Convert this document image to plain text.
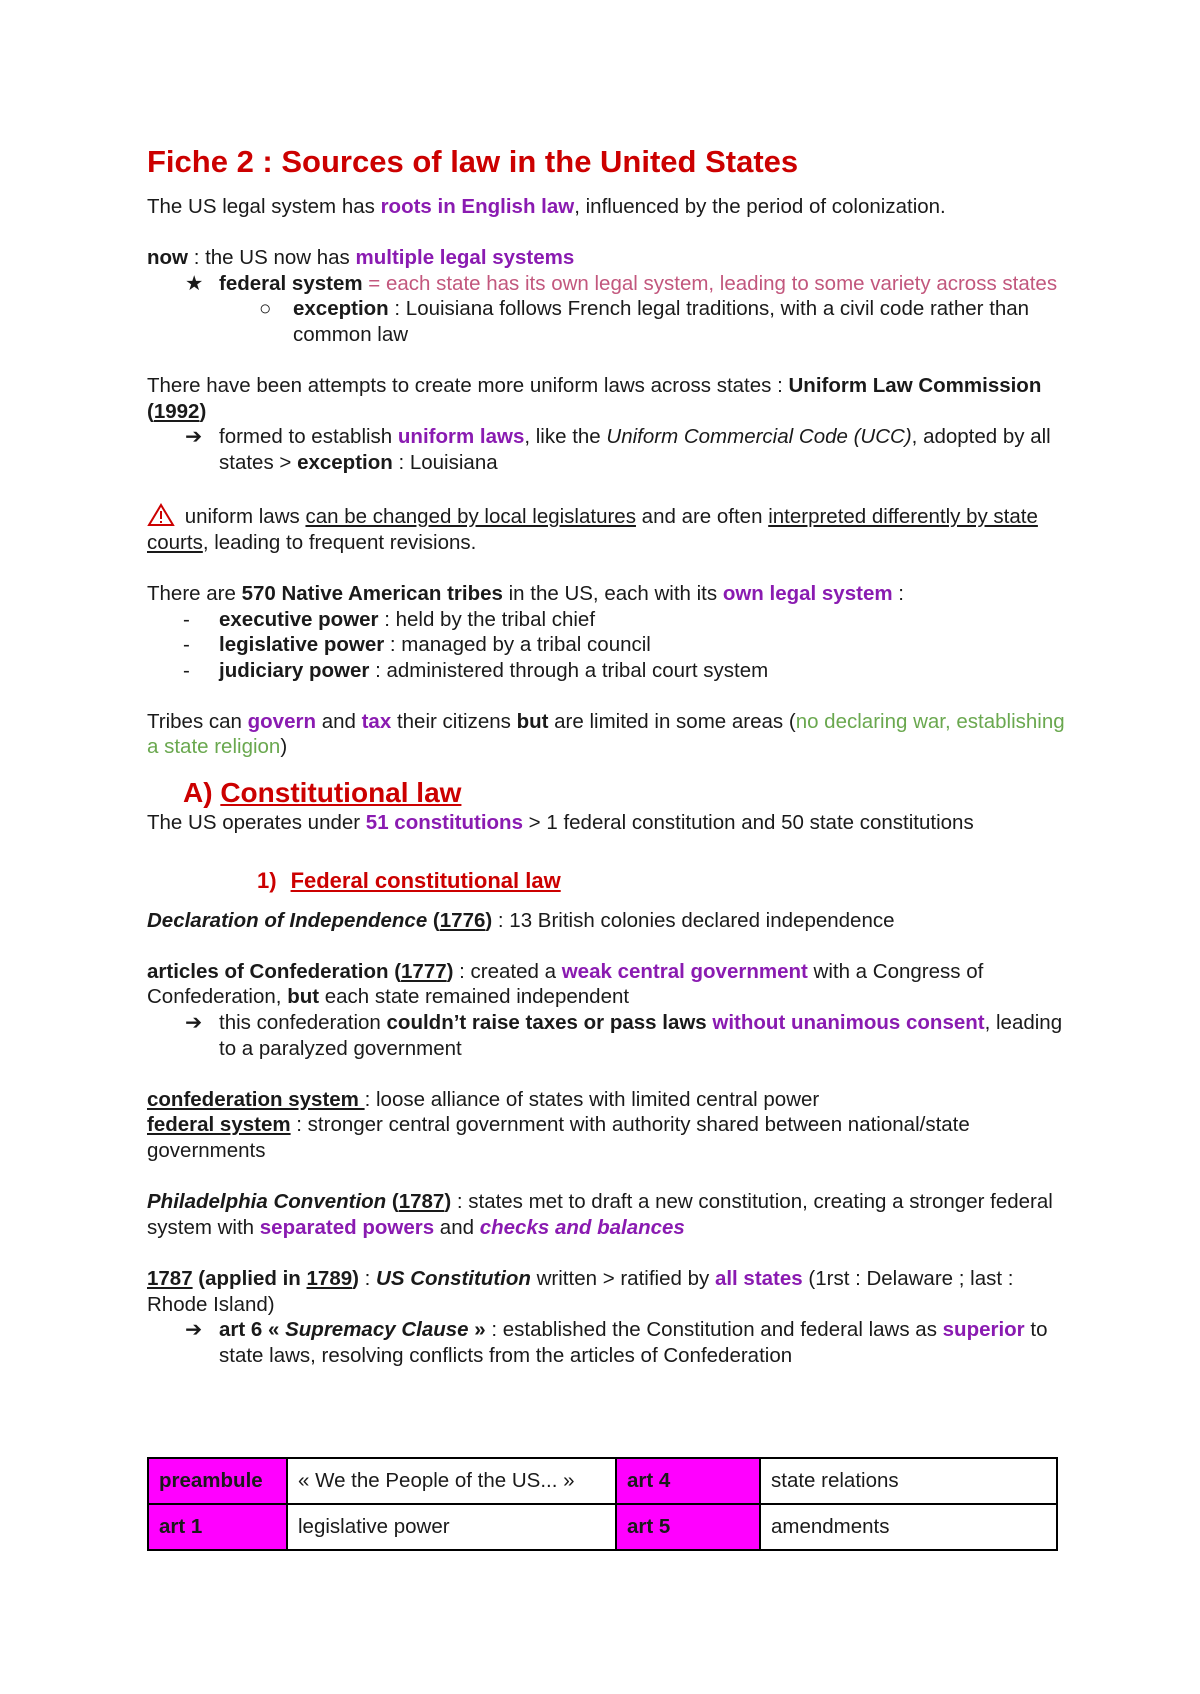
Fiche 2 : Sources of law in the United States

The US legal system has roots in English law, influenced by the period of colonization.

now : the US now has multiple legal systems

★ federal system = each state has its own legal system, leading to some variety across states
○ exception : Louisiana follows French legal traditions, with a civil code rather than common law

There have been attempts to create more uniform laws across states : Uniform Law Commission (1992)

➔ formed to establish uniform laws, like the Uniform Commercial Code (UCC), adopted by all states > exception : Louisiana

uniform laws can be changed by local legislatures and are often interpreted differently by state courts, leading to frequent revisions.

There are 570 Native American tribes in the US, each with its own legal system :

- executive power : held by the tribal chief
- legislative power : managed by a tribal council
- judiciary power : administered through a tribal court system

Tribes can govern and tax their citizens but are limited in some areas (no declaring war, establishing a state religion)

A) Constitutional law

The US operates under 51 constitutions > 1 federal constitution and 50 state constitutions

1) Federal constitutional law

Declaration of Independence (1776) : 13 British colonies declared independence

articles of Confederation (1777) : created a weak central government with a Congress of Confederation, but each state remained independent

➔ this confederation couldn’t raise taxes or pass laws without unanimous consent, leading to a paralyzed government

confederation system : loose alliance of states with limited central power

federal system : stronger central government with authority shared between national/state governments

Philadelphia Convention (1787) : states met to draft a new constitution, creating a stronger federal system with separated powers and checks and balances

1787 (applied in 1789) : US Constitution written > ratified by all states (1rst : Delaware ; last : Rhode Island)

➔ art 6 « Supremacy Clause » : established the Constitution and federal laws as superior to state laws, resolving conflicts from the articles of Confederation
preambule	« We the People of the US... »	art 4	state relations
art 1	legislative power	art 5	amendments
